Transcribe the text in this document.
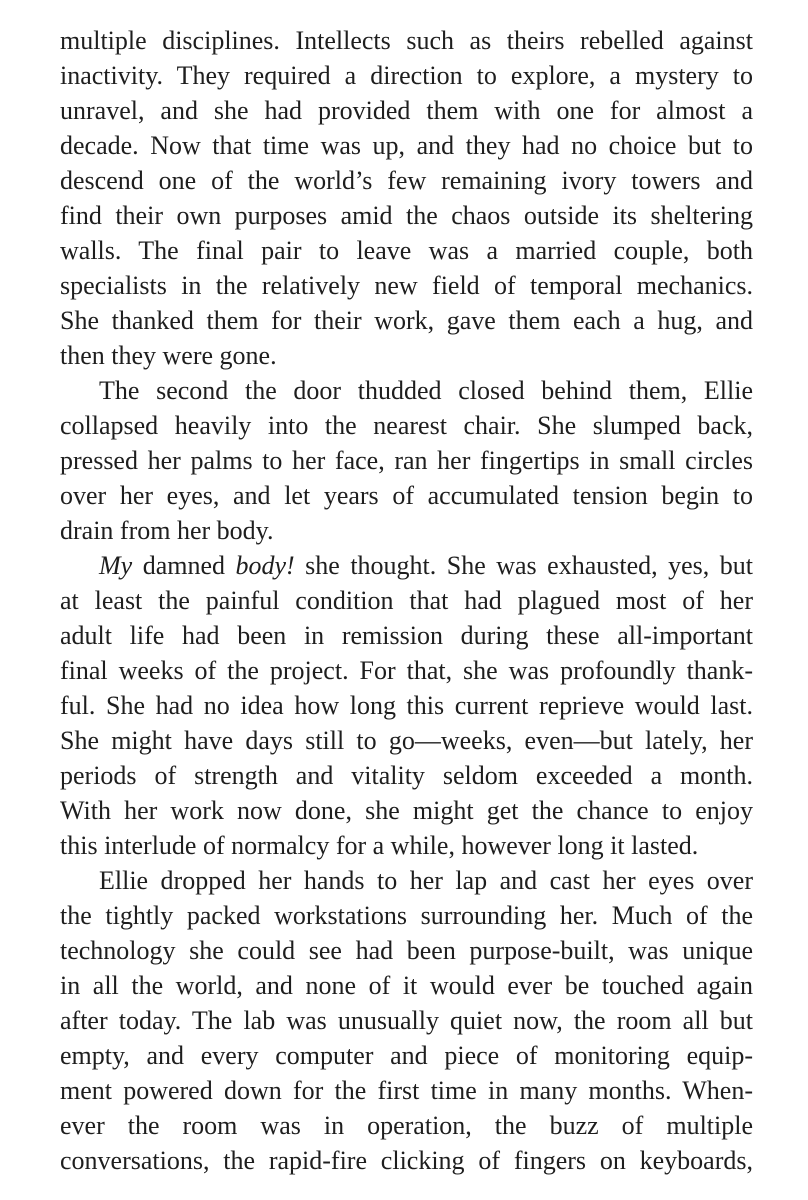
multiple disciplines. Intellects such as theirs rebelled against
inactivity. They required a direction to explore, a mystery to
unravel, and she had provided them with one for almost a
decade. Now that time was up, and they had no choice but to
descend one of the world’s few remaining ivory towers and
find their own purposes amid the chaos outside its sheltering
walls. The final pair to leave was a married couple, both
specialists in the relatively new field of temporal mechanics.
She thanked them for their work, gave them each a hug, and
then they were gone.
The second the door thudded closed behind them, Ellie
collapsed heavily into the nearest chair. She slumped back,
pressed her palms to her face, ran her fingertips in small circles
over her eyes, and let years of accumulated tension begin to
drain from her body.
My damned body! she thought. She was exhausted, yes, but
at least the painful condition that had plagued most of her
adult life had been in remission during these all-important
final weeks of the project. For that, she was profoundly thank-
ful. She had no idea how long this current reprieve would last.
She might have days still to go—weeks, even—but lately, her
periods of strength and vitality seldom exceeded a month.
With her work now done, she might get the chance to enjoy
this interlude of normalcy for a while, however long it lasted.
Ellie dropped her hands to her lap and cast her eyes over
the tightly packed workstations surrounding her. Much of the
technology she could see had been purpose-built, was unique
in all the world, and none of it would ever be touched again
after today. The lab was unusually quiet now, the room all but
empty, and every computer and piece of monitoring equip-
ment powered down for the first time in many months. When-
ever the room was in operation, the buzz of multiple
conversations, the rapid-fire clicking of fingers on keyboards,
